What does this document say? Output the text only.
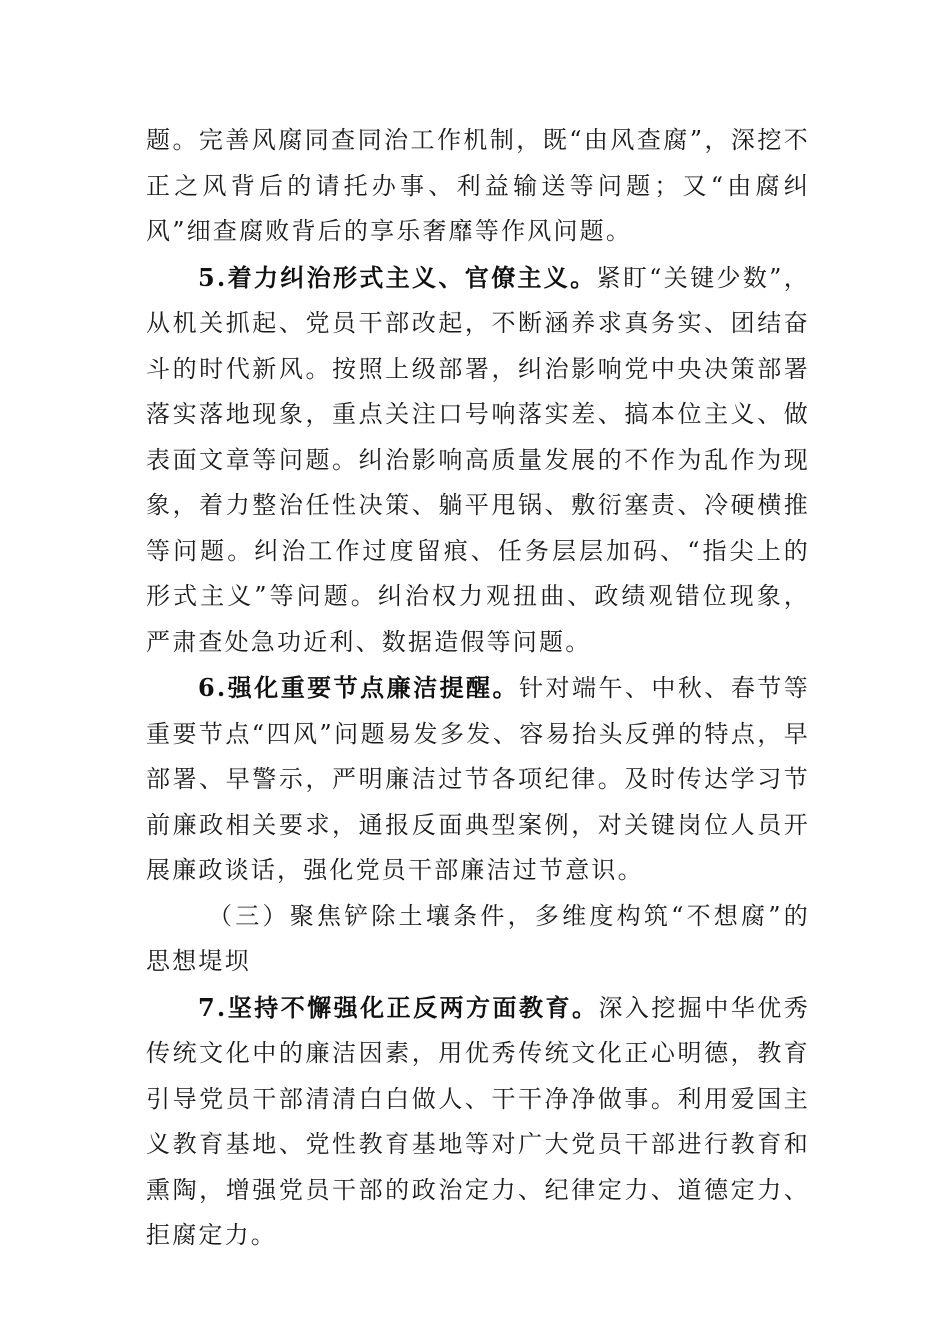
题。完善风腐同查同治工作机制，既“由风查腐”，深挖不正之风背后的请托办事、利益输送等问题；又“由腐纠风”细查腐败背后的享乐奢靡等作风问题。

5.着力纠治形式主义、官僚主义。紧盯“关键少数”，从机关抓起、党员干部改起，不断涵养求真务实、团结奋斗的时代新风。按照上级部署，纠治影响党中央决策部署落实落地现象，重点关注口号响落实差、搞本位主义、做表面文章等问题。纠治影响高质量发展的不作为乱作为现象，着力整治任性决策、躺平甩锅、敷衍塞责、冷硬横推等问题。纠治工作过度留痕、任务层层加码、“指尖上的形式主义”等问题。纠治权力观扭曲、政绩观错位现象，严肃查处急功近利、数据造假等问题。

6.强化重要节点廉洁提醒。针对端午、中秋、春节等重要节点“四风”问题易发多发、容易抬头反弹的特点，早部署、早警示，严明廉洁过节各项纪律。及时传达学习节前廉政相关要求，通报反面典型案例，对关键岗位人员开展廉政谈话，强化党员干部廉洁过节意识。

（三）聚焦铲除土壤条件，多维度构筑“不想腐”的思想堤坝

7.坚持不懈强化正反两方面教育。深入挖掘中华优秀传统文化中的廉洁因素，用优秀传统文化正心明德，教育引导党员干部清清白白做人、干干净净做事。利用爱国主义教育基地、党性教育基地等对广大党员干部进行教育和熏陶，增强党员干部的政治定力、纪律定力、道德定力、拒腐定力。
